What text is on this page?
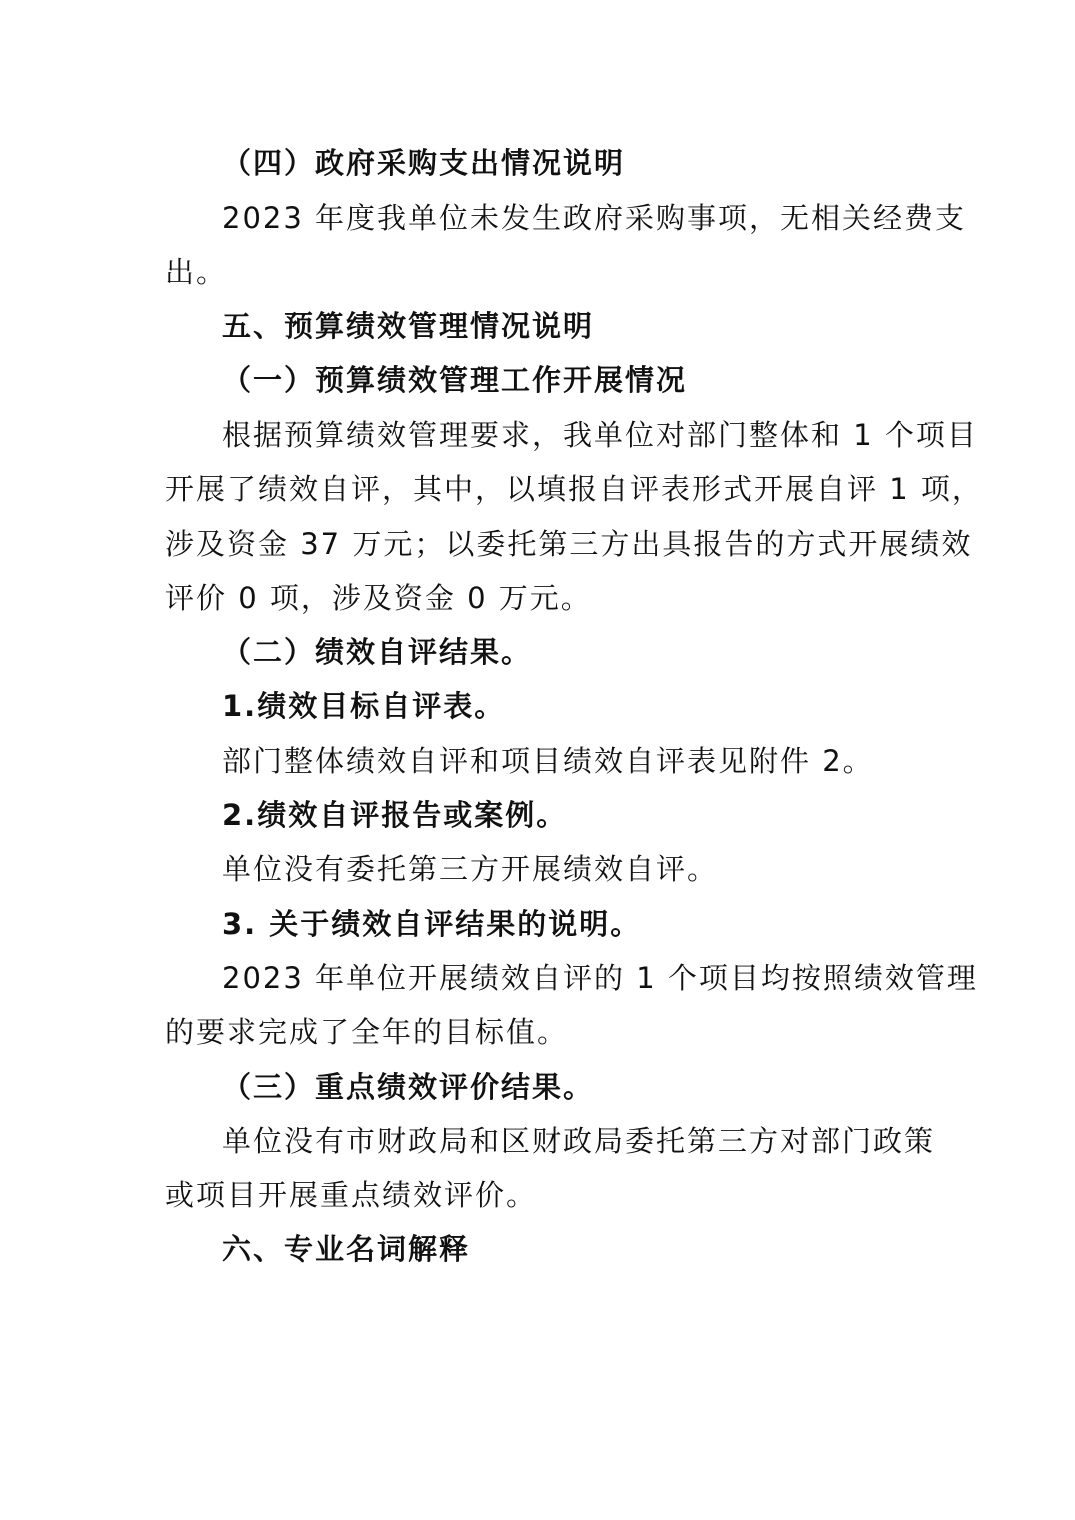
（四）政府采购支出情况说明
2023 年度我单位未发生政府采购事项，无相关经费支
出。
五、预算绩效管理情况说明
（一）预算绩效管理工作开展情况
根据预算绩效管理要求，我单位对部门整体和 1 个项目
开展了绩效自评，其中，以填报自评表形式开展自评 1 项，
涉及资金 37 万元；以委托第三方出具报告的方式开展绩效
评价 0 项，涉及资金 0 万元。
（二）绩效自评结果。
1.绩效目标自评表。
部门整体绩效自评和项目绩效自评表见附件 2。
2.绩效自评报告或案例。
单位没有委托第三方开展绩效自评。
3. 关于绩效自评结果的说明。
2023 年单位开展绩效自评的 1 个项目均按照绩效管理
的要求完成了全年的目标值。
（三）重点绩效评价结果。
单位没有市财政局和区财政局委托第三方对部门政策
或项目开展重点绩效评价。
六、专业名词解释
